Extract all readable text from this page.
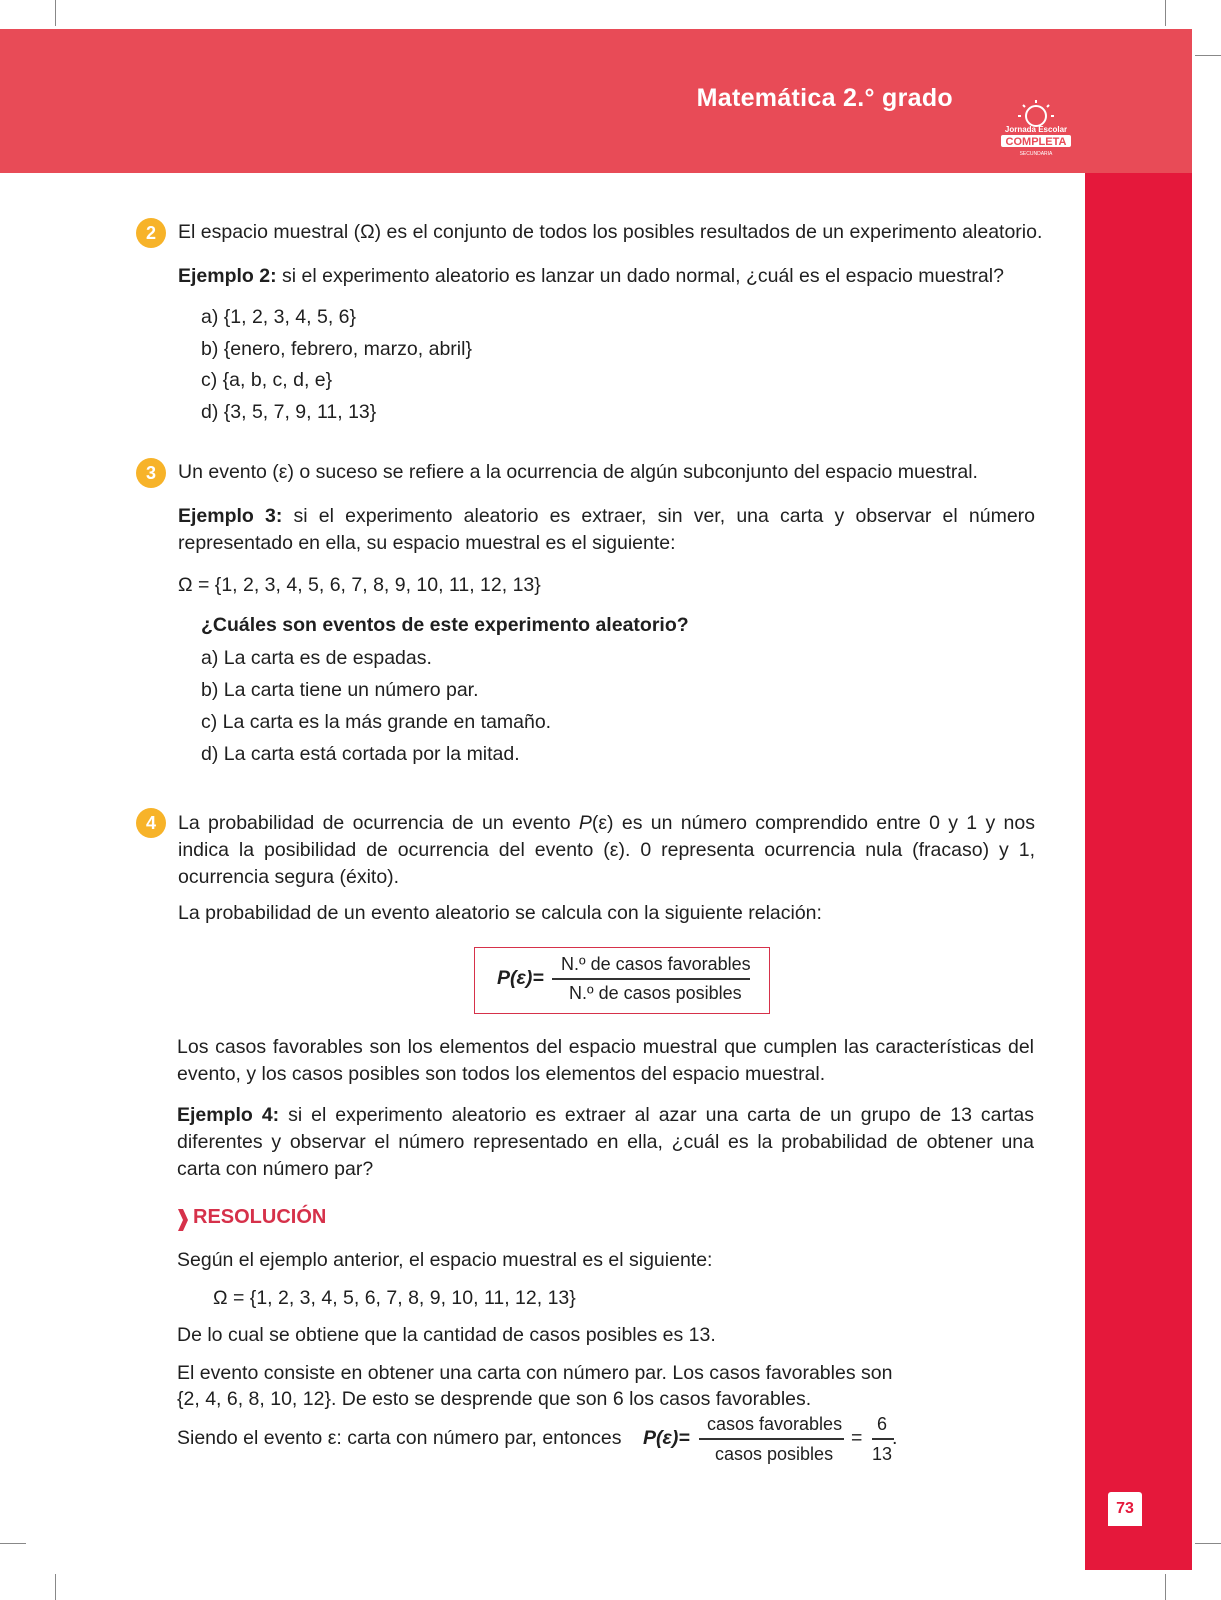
Matemática 2.° grado
Jornada Escolar
COMPLETA
SECUNDARIA
73
2	El espacio muestral (Ω) es el conjunto de todos los posibles resultados de un experimento aleatorio.
Ejemplo 2: si el experimento aleatorio es lanzar un dado normal, ¿cuál es el espacio muestral?
a) {1, 2, 3, 4, 5, 6}
b) {enero, febrero, marzo, abril}
c) {a, b, c, d, e}
d) {3, 5, 7, 9, 11, 13}
3	Un evento (ε) o suceso se refiere a la ocurrencia de algún subconjunto del espacio muestral.
Ejemplo 3: si el experimento aleatorio es extraer, sin ver, una carta y observar el número representado en ella, su espacio muestral es el siguiente:
Ω = {1, 2, 3, 4, 5, 6, 7, 8, 9, 10, 11, 12, 13}
¿Cuáles son eventos de este experimento aleatorio?
a) La carta es de espadas.
b) La carta tiene un número par.
c) La carta es la más grande en tamaño.
d) La carta está cortada por la mitad.
4	La probabilidad de ocurrencia de un evento P(ε) es un número comprendido entre 0 y 1 y nos indica la posibilidad de ocurrencia del evento (ε). 0 representa ocurrencia nula (fracaso) y 1, ocurrencia segura (éxito).
La probabilidad de un evento aleatorio se calcula con la siguiente relación:
P(ε)=
N.º de casos favorables
N.º de casos posibles
Los casos favorables son los elementos del espacio muestral que cumplen las características del evento, y los casos posibles son todos los elementos del espacio muestral.
Ejemplo 4: si el experimento aleatorio es extraer al azar una carta de un grupo de 13 cartas diferentes y observar el número representado en ella, ¿cuál es la probabilidad de obtener una carta con número par?
RESOLUCIÓN
Según el ejemplo anterior, el espacio muestral es el siguiente:
Ω = {1, 2, 3, 4, 5, 6, 7, 8, 9, 10, 11, 12, 13}
De lo cual se obtiene que la cantidad de casos posibles es 13.
El evento consiste en obtener una carta con número par. Los casos favorables son
{2, 4, 6, 8, 10, 12}. De esto se desprende que son 6 los casos favorables.
Siendo el evento ε: carta con número par, entonces P(ε)=
casos favorables
casos posibles
=
6
13
.
